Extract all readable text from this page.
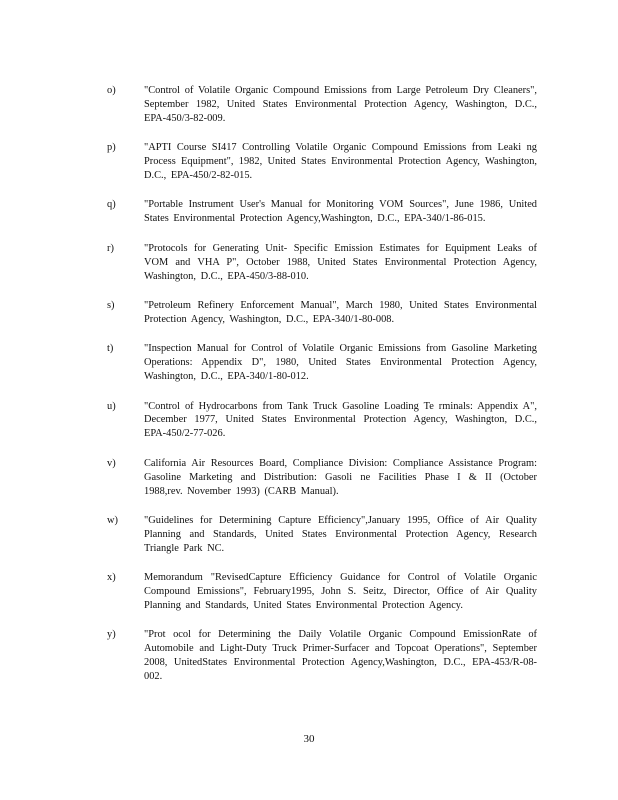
o)	"Control of Volatile Organic Compound Emissions from Large Petroleum Dry Cleaners", September 1982, United States Environmental Protection Agency, Washington, D.C., EPA-450/3-82-009.
p)	"APTI Course SI417 Controlling Volatile Organic Compound Emissions from Leaki ng Process Equipment", 1982, United States Environmental Protection Agency, Washington, D.C., EPA-450/2-82-015.
q)	"Portable Instrument User's Manual for Monitoring VOM Sources", June 1986, United States Environmental Protection Agency,Washington, D.C., EPA-340/1-86-015.
r)	"Protocols for Generating Unit- Specific Emission Estimates for Equipment Leaks of VOM and VHA P", October 1988, United States Environmental Protection Agency, Washington, D.C., EPA-450/3-88-010.
s)	"Petroleum Refinery Enforcement Manual", March 1980, United States Environmental Protection Agency, Washington, D.C., EPA-340/1-80-008.
t)	"Inspection Manual for Control of Volatile Organic Emissions from Gasoline Marketing Operations: Appendix D", 1980, United States Environmental Protection Agency, Washington, D.C., EPA-340/1-80-012.
u)	"Control of Hydrocarbons from Tank Truck Gasoline Loading Te rminals: Appendix A", December 1977, United States Environmental Protection Agency, Washington, D.C., EPA-450/2-77-026.
v)	California Air Resources Board, Compliance Division: Compliance Assistance Program: Gasoline Marketing and Distribution: Gasoli ne Facilities Phase I & II (October 1988,rev. November 1993) (CARB Manual).
w)	"Guidelines for Determining Capture Efficiency",January 1995, Office of Air Quality Planning and Standards, United States Environmental Protection Agency, Research Triangle Park NC.
x)	Memorandum "RevisedCapture Efficiency Guidance for Control of Volatile Organic Compound Emissions", February1995, John S. Seitz, Director, Office of Air Quality Planning and Standards, United States Environmental Protection Agency.
y)	"Prot ocol for Determining the Daily Volatile Organic Compound EmissionRate of Automobile and Light-Duty Truck Primer-Surfacer and Topcoat Operations", September 2008, UnitedStates Environmental Protection Agency,Washington, D.C., EPA-453/R-08-002.
30
